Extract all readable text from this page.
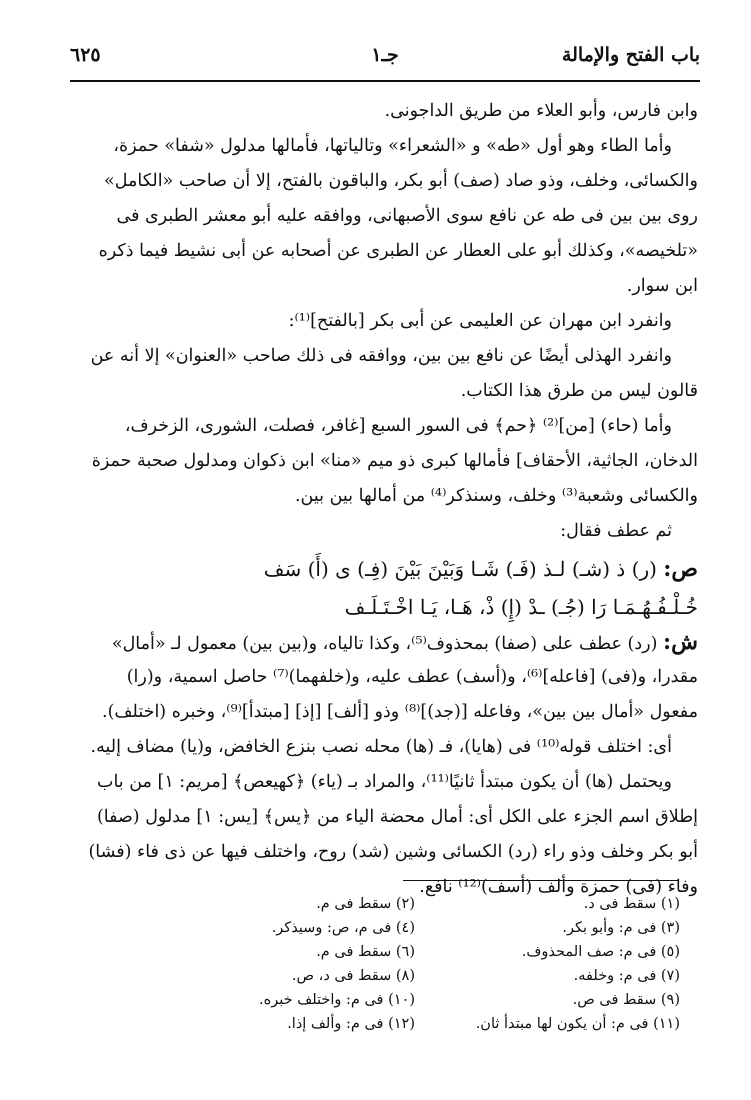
باب الفتح والإمالة
جـ١
٦٢٥
وابن فارس، وأبو العلاء من طريق الداجونى.
وأما الطاء وهو أول «طه» و «الشعراء» وتالياتها، فأمالها مدلول «شفا» حمزة،
والكسائى، وخلف، وذو صاد (صف) أبو بكر، والباقون بالفتح، إلا أن صاحب «الكامل»
روى بين بين فى طه عن نافع سوى الأصبهانى، ووافقه عليه أبو معشر الطبرى فى
«تلخيصه»، وكذلك أبو على العطار عن الطبرى عن أصحابه عن أبى نشيط فيما ذكره
ابن سوار.
وانفرد ابن مهران عن العليمى عن أبى بكر [بالفتح]⁽¹⁾:
وانفرد الهذلى أيضًا عن نافع بين بين، ووافقه فى ذلك صاحب «العنوان» إلا أنه عن
قالون ليس من طرق هذا الكتاب.
وأما (حاء) [من]⁽²⁾ ﴿حم﴾ فى السور السبع [غافر، فصلت، الشورى، الزخرف،
الدخان، الجاثية، الأحقاف] فأمالها كبرى ذو ميم «منا» ابن ذكوان ومدلول صحبة حمزة
والكسائى وشعبة⁽³⁾ وخلف، وسنذكر⁽⁴⁾ من أمالها بين بين.
ثم عطف فقال:
ص: (ر) ذ (شـ) لـذ (فَـ) شَـا وَبَيْنَ بَيْنَ (فِـ) ى (أَ) سَف
خُـلْـفُـهُـمَـا رَا (جُـ) ـدْ (إِ) ذْ، هَـا، يَـا اخْـتَـلَـف
ش: (رد) عطف على (صفا) بمحذوف⁽⁵⁾، وكذا تالياه، و(بين بين) معمول لـ «أمال»
مقدرا، و(فى) [فاعله]⁽⁶⁾، و(أسف) عطف عليه، و(خلفهما)⁽⁷⁾ حاصل اسمية، و(را)
مفعول «أمال بين بين»، وفاعله [(جد)]⁽⁸⁾ وذو [ألف] [إذ] [مبتدأ]⁽⁹⁾، وخبره (اختلف).
أى: اختلف قوله⁽¹⁰⁾ فى (هايا)، فـ (ها) محله نصب بنزع الخافض، و(يا) مضاف إليه.
ويحتمل (ها) أن يكون مبتدأ ثانيًا⁽¹¹⁾، والمراد بـ (ياء) ﴿كهيعص﴾ [مريم: ١] من باب
إطلاق اسم الجزء على الكل أى: أمال محضة الياء من ﴿يس﴾ [يس: ١] مدلول (صفا)
أبو بكر وخلف وذو راء (رد) الكسائى وشين (شد) روح، واختلف فيها عن ذى فاء (فشا)
وفاء (فى) حمزة وألف (أسف)⁽¹²⁾ نافع.
(١) سقط فى د.
(٢) سقط فى م.
(٣) فى م: وأبو بكر.
(٤) فى م، ص: وسيذكر.
(٥) فى م: صف المحذوف.
(٦) سقط فى م.
(٧) فى م: وخلفه.
(٨) سقط فى د، ص.
(٩) سقط فى ص.
(١٠) فى م: واختلف خبره.
(١١) فى م: أن يكون لها مبتدأ ثان.
(١٢) فى م: وألف إذا.
